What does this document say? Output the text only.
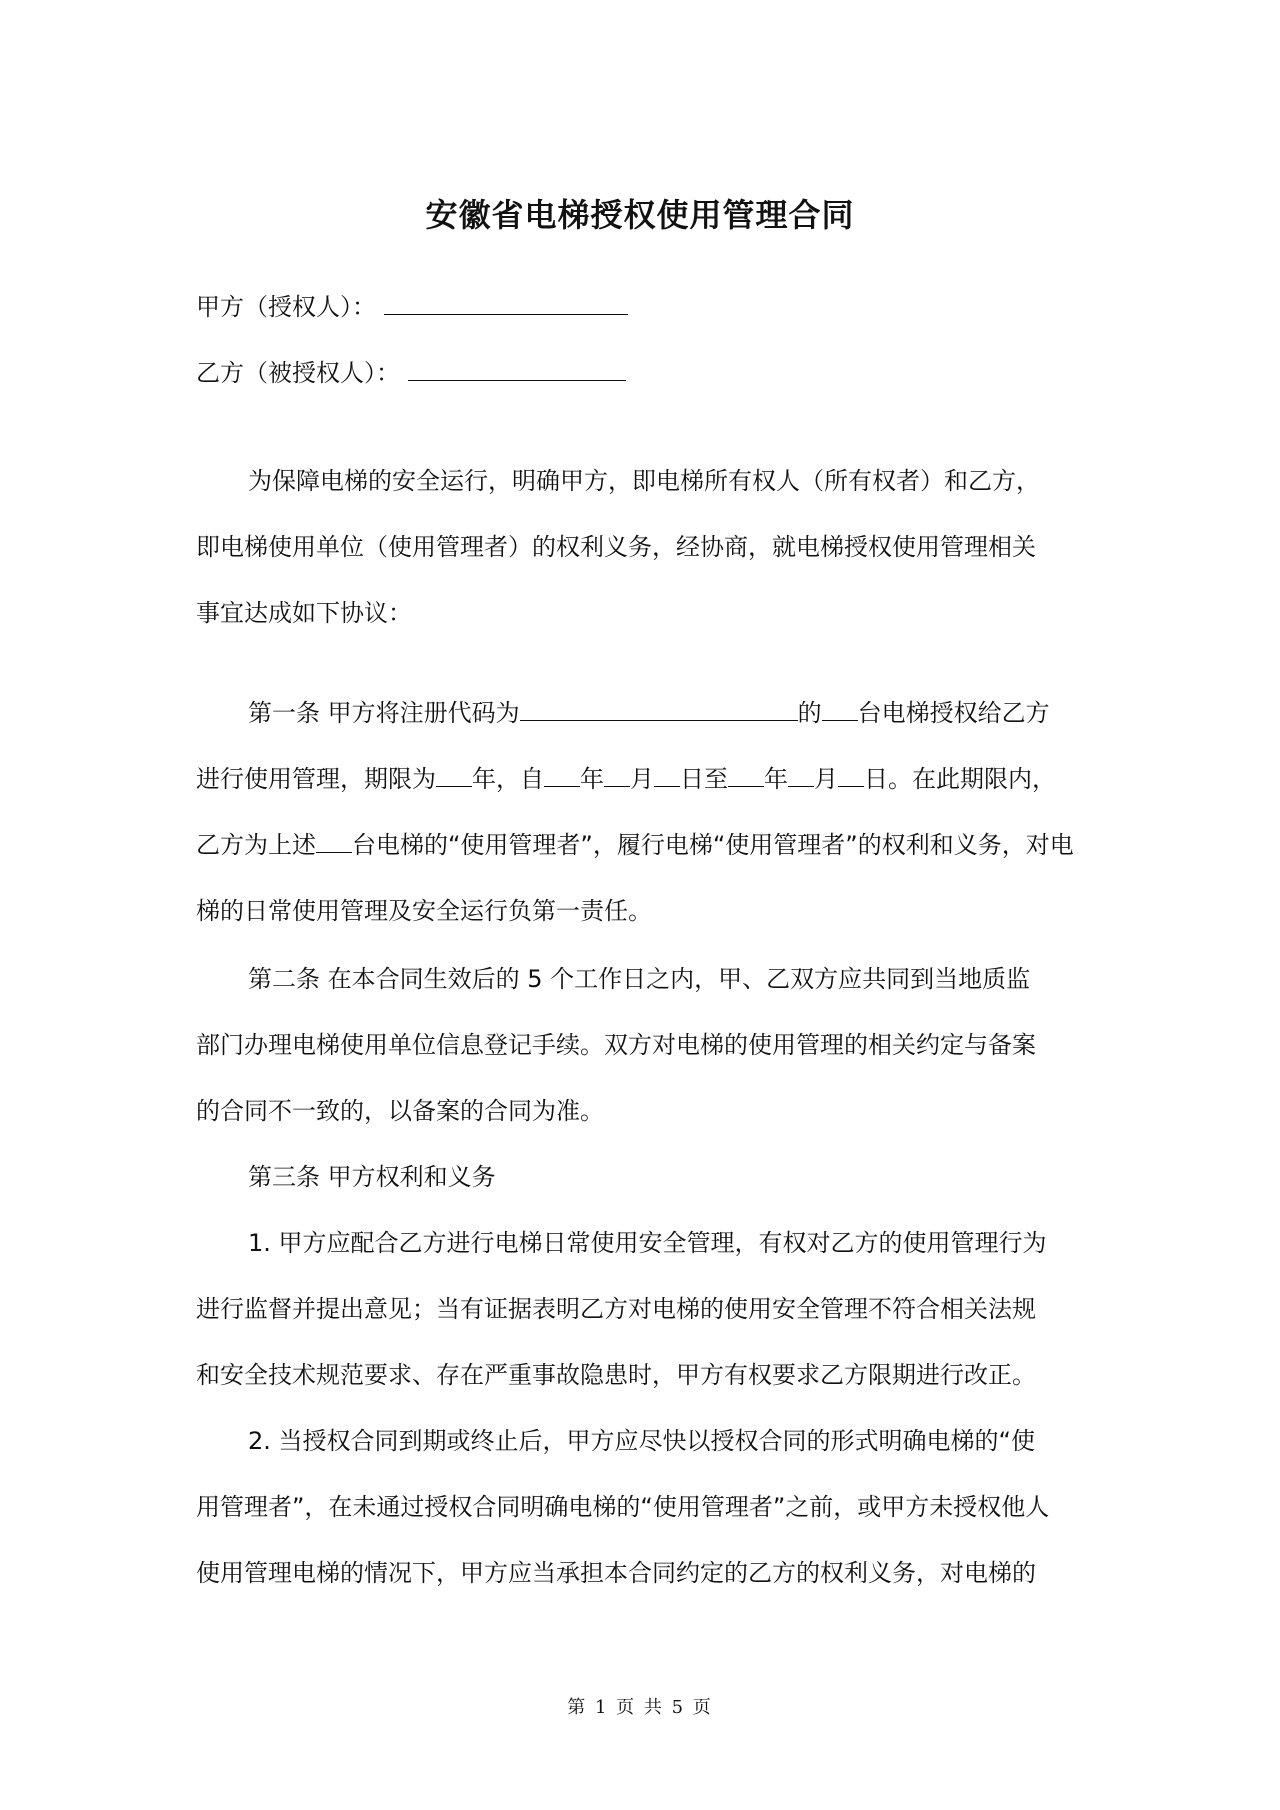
安徽省电梯授权使用管理合同
甲方（授权人）：
乙方（被授权人）：
为保障电梯的安全运行，明确甲方，即电梯所有权人（所有权者）和乙方，
即电梯使用单位（使用管理者）的权利义务，经协商，就电梯授权使用管理相关
事宜达成如下协议：
第一条 甲方将注册代码为	的 台电梯授权给乙方
进行使用管理，期限为 年，自 年 月 日至 年 月 日。在此期限内，
乙方为上述 台电梯的“使用管理者”，履行电梯“使用管理者”的权利和义务，对电
梯的日常使用管理及安全运行负第一责任。
第二条 在本合同生效后的 5 个工作日之内，甲、乙双方应共同到当地质监
部门办理电梯使用单位信息登记手续。双方对电梯的使用管理的相关约定与备案
的合同不一致的，以备案的合同为准。
第三条 甲方权利和义务
1. 甲方应配合乙方进行电梯日常使用安全管理，有权对乙方的使用管理行为
进行监督并提出意见；当有证据表明乙方对电梯的使用安全管理不符合相关法规
和安全技术规范要求、存在严重事故隐患时，甲方有权要求乙方限期进行改正。
2. 当授权合同到期或终止后，甲方应尽快以授权合同的形式明确电梯的“使
用管理者”，在未通过授权合同明确电梯的“使用管理者”之前，或甲方未授权他人
使用管理电梯的情况下，甲方应当承担本合同约定的乙方的权利义务，对电梯的
第 1 页 共 5 页
